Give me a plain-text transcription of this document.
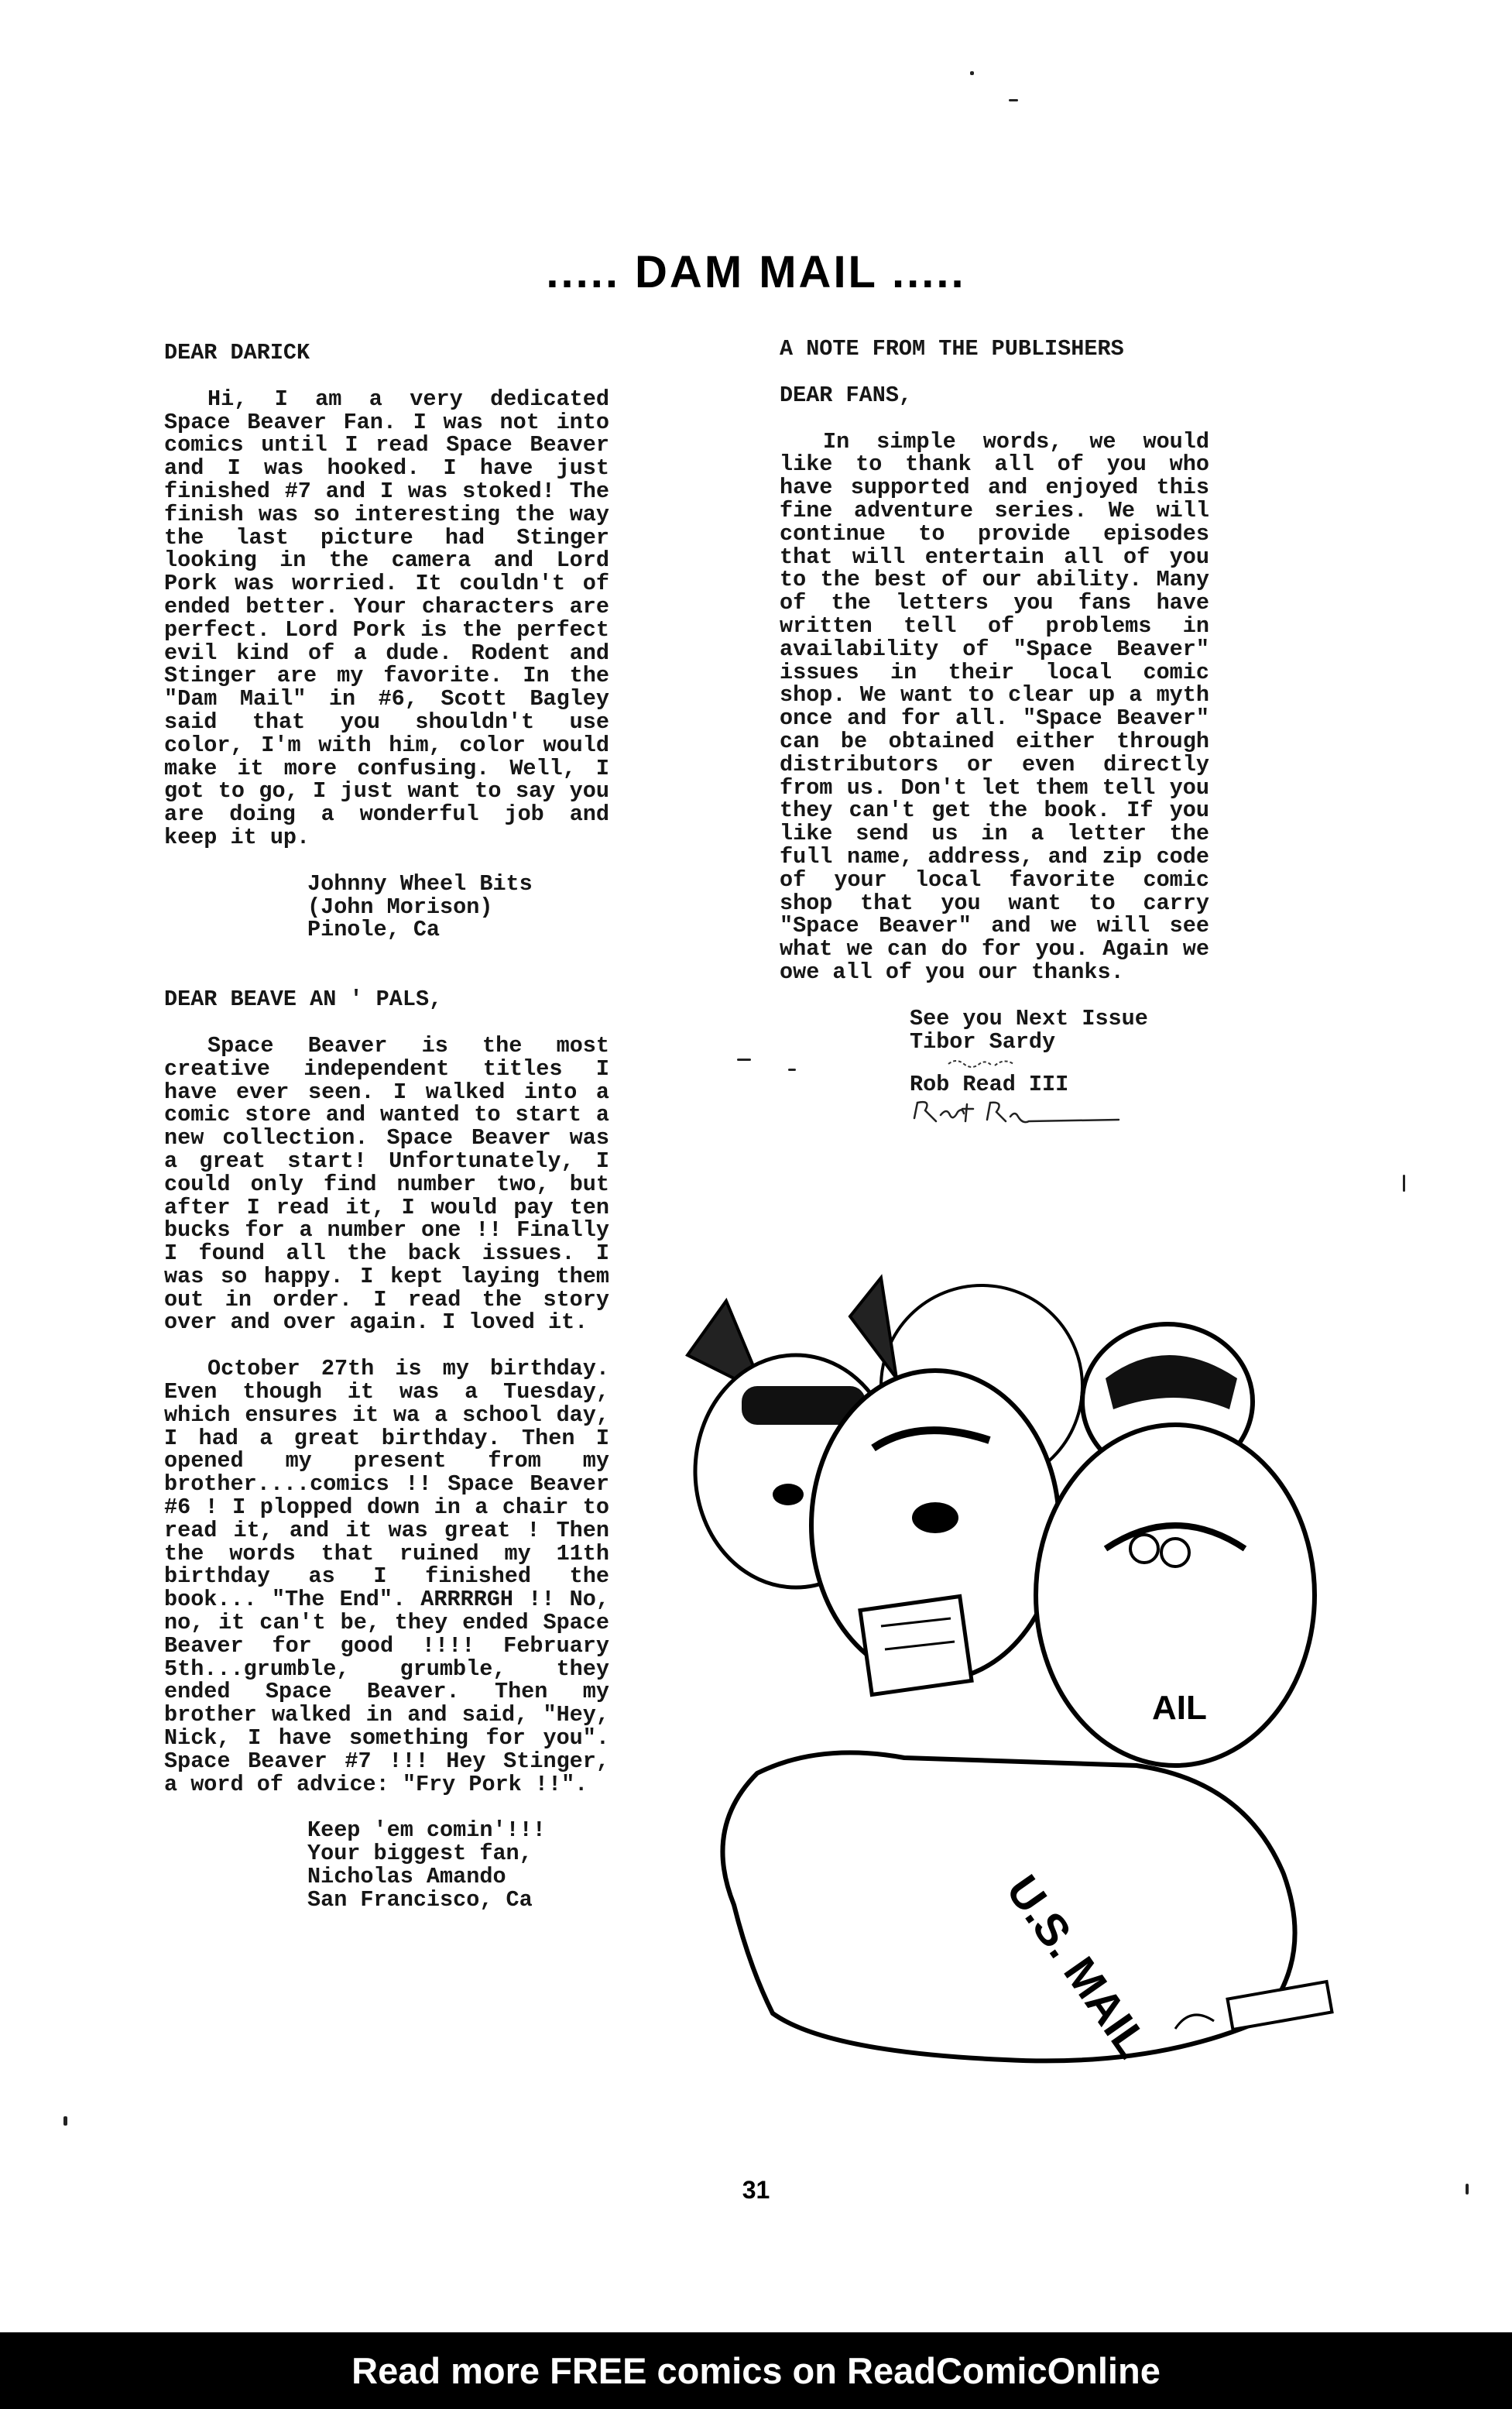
..... DAM MAIL .....

DEAR DARICK

Hi, I am a very dedicated Space Beaver Fan. I was not into comics until I read Space Beaver and I was hooked. I have just finished #7 and I was stoked! The finish was so interesting the way the last picture had Stinger looking in the camera and Lord Pork was worried. It couldn't of ended better. Your characters are perfect. Lord Pork is the perfect evil kind of a dude. Rodent and Stinger are my favorite. In the "Dam Mail" in #6, Scott Bagley said that you shouldn't use color, I'm with him, color would make it more confusing. Well, I got to go, I just want to say you are doing a wonderful job and keep it up.

Johnny Wheel Bits

(John Morison)

Pinole, Ca

DEAR BEAVE AN ' PALS,

Space Beaver is the most creative independent titles I have ever seen. I walked into a comic store and wanted to start a new collection. Space Beaver was a great start! Unfortunately, I could only find number two, but after I read it, I would pay ten bucks for a number one !! Finally I found all the back issues. I was so happy. I kept laying them out in order. I read the story over and over again. I loved it.

October 27th is my birthday. Even though it was a Tuesday, which ensures it wa a school day, I had a great birthday. Then I opened my present from my brother....comics !! Space Beaver #6 ! I plopped down in a chair to read it, and it was great ! Then the words that ruined my 11th birthday as I finished the book... "The End". ARRRRGH !! No, no, it can't be, they ended Space Beaver for good !!!! February 5th...grumble, grumble, they ended Space Beaver. Then my brother walked in and said, "Hey, Nick, I have something for you". Space Beaver #7 !!! Hey Stinger, a word of advice: "Fry Pork !!".

Keep 'em comin'!!!

Your biggest fan,

Nicholas Amando

San Francisco, Ca

A NOTE FROM THE PUBLISHERS

DEAR FANS,

In simple words, we would like to thank all of you who have supported and enjoyed this fine adventure series. We will continue to provide episodes that will entertain all of you to the best of our ability. Many of the letters you fans have written tell of problems in availability of "Space Beaver" issues in their local comic shop. We want to clear up a myth once and for all. "Space Beaver" can be obtained either through distributors or even directly from us. Don't let them tell you they can't get the book. If you like send us in a letter the full name, address, and zip code of your local favorite comic shop that you want to carry "Space Beaver" and we will see what we can do for you. Again we owe all of you our thanks.

See you Next Issue

Tibor Sardy

Rob Read III

U.S. MAIL
AIL
31
Read more FREE comics on ReadComicOnline
